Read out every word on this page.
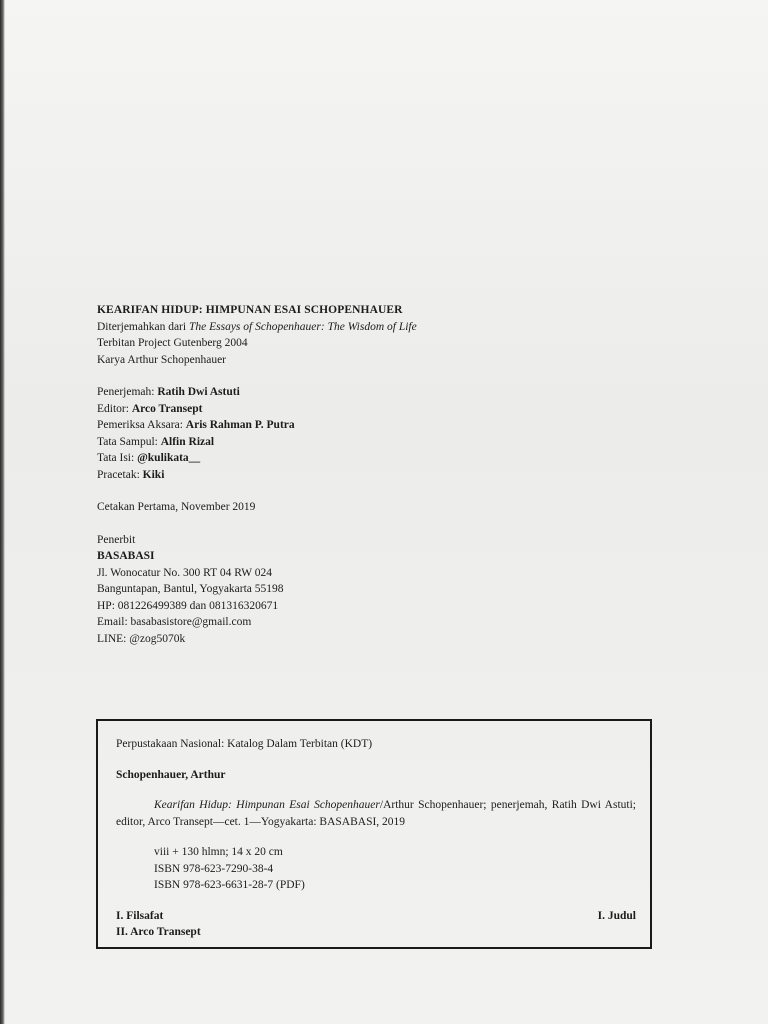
KEARIFAN HIDUP: HIMPUNAN ESAI SCHOPENHAUER

Diterjemahkan dari The Essays of Schopenhauer: The Wisdom of Life

Terbitan Project Gutenberg 2004

Karya Arthur Schopenhauer

Penerjemah: Ratih Dwi Astuti

Editor: Arco Transept

Pemeriksa Aksara: Aris Rahman P. Putra

Tata Sampul: Alfin Rizal

Tata Isi: @kulikata__

Pracetak: Kiki

Cetakan Pertama, November 2019

Penerbit

BASABASI

Jl. Wonocatur No. 300 RT 04 RW 024

Banguntapan, Bantul, Yogyakarta 55198

HP: 081226499389 dan 081316320671

Email: basabasistore@gmail.com

LINE: @zog5070k

Perpustakaan Nasional: Katalog Dalam Terbitan (KDT)

Schopenhauer, Arthur

Kearifan Hidup: Himpunan Esai Schopenhauer/Arthur Schopenhauer; penerjemah, Ratih Dwi Astuti; editor, Arco Transept—cet. 1—Yogyakarta: BASABASI, 2019

viii + 130 hlmn; 14 x 20 cm

ISBN 978-623-7290-38-4

ISBN 978-623-6631-28-7 (PDF)

I. Filsafat

II. Arco Transept

I. Judul
